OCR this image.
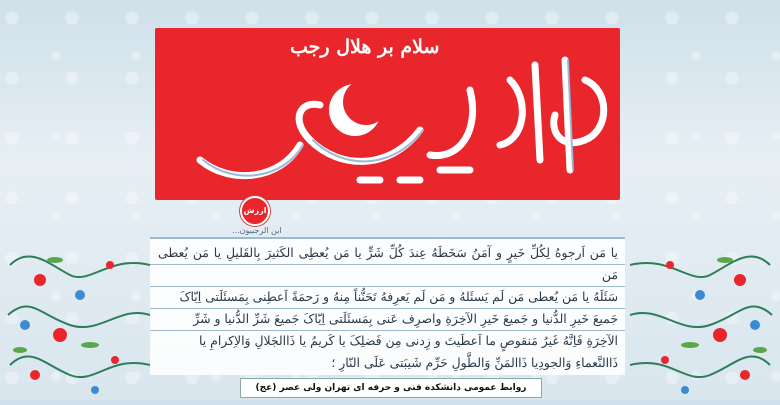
سلام بر هلال رجب
ارزش
این الرجبیون...
یا مَن اَرجوهُ لِکُلِّ خَیرٍ و آمَنُ سَخَطَهُ عِندَ کُلِّ شَرٍّ یا مَن یُعطِی الکَثیرَ بِالقَلیلِ یا مَن یُعطی مَن
سَئَلَهُ یا مَن یُعطی مَن لَم یَسئَلهُ و مَن لَم یَعرِفهُ تَحَنُّناً مِنهُ و رَحمَةً اَعطِنی بِمَسئَلَتی اِیّاکَ
جَمیعَ خَیرِ الدُّنیا و جَمیعَ خَیرِ الآخِرَةِ واصرِف عَنی بِمَسئَلَتی اِیّاکَ جَمیعَ شَرِّ الدُّنیا و شَرِّ
الآخِرَةِ فَاِنَّهُ غَیرُ مَنقوصٍ ما اَعطَیتَ و زِدنی مِن فَضلِکَ یا کَریمُ یا ذَاالجَلالِ وَالاِکرامِ یا
ذَاالنَّعماءِ وَالجودِیا ذَاالمَنِّ وَالطَّولِ حَرِّم شَیبَتی عَلَی النّارِ ؛
روابط عمومی دانشکده فنی و حرفه ای تهران ولی عصر (عج)
